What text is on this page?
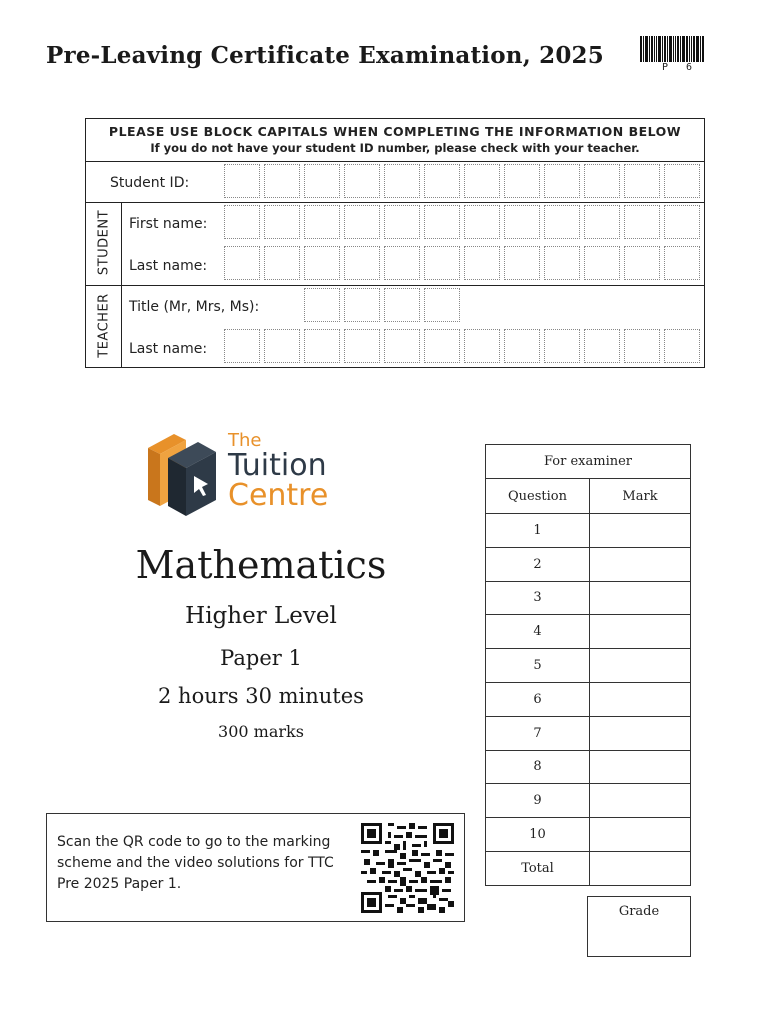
Pre-Leaving Certificate Examination, 2025	P 6
PLEASE USE BLOCK CAPITALS WHEN COMPLETING THE INFORMATION BELOW
If you do not have your student ID number, please check with your teacher.
Student ID:
STUDENT First name:
Last name:
TEACHER Title (Mr, Mrs, Ms):
Last name:
The
Tuition
Centre
Mathematics
Higher Level
Paper 1
2 hours 30 minutes
300 marks
Scan the QR code to go to the marking scheme and the video solutions for TTC Pre 2025 Paper 1.
For examiner	
Question	Mark
1	
2	
3	
4	
5	
6	
7	
8	
9	
10	
Total	
Grade
